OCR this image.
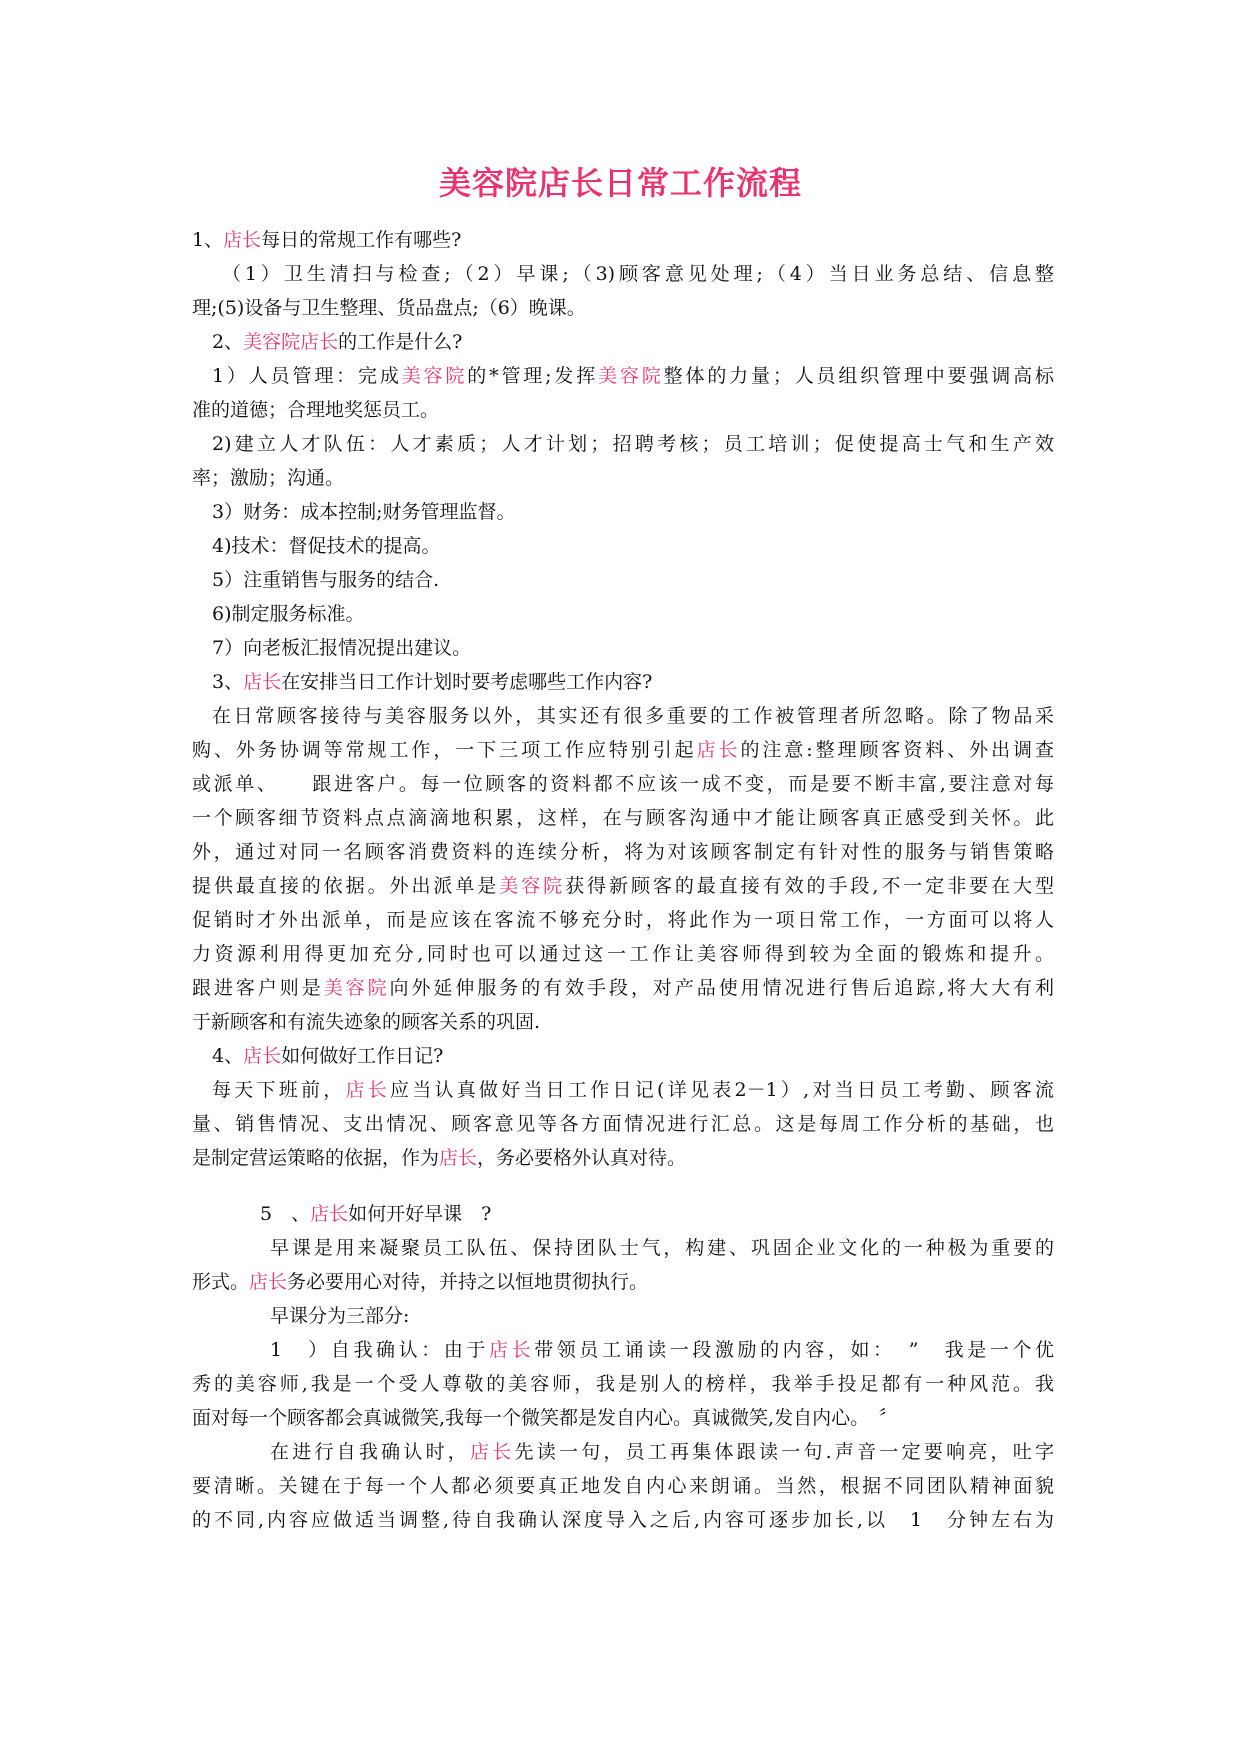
美容院店长日常工作流程
1、店长每日的常规工作有哪些?
（1）卫生清扫与检查;（2）早课;（3)顾客意见处理;（4）当日业务总结、信息整
理;(5)设备与卫生整理、货品盘点;（6）晚课。
2、美容院店长的工作是什么?
1）人员管理：完成美容院的*管理;发挥美容院整体的力量；人员组织管理中要强调高标
准的道德；合理地奖惩员工。
2)建立人才队伍：人才素质；人才计划；招聘考核；员工培训；促使提高士气和生产效
率；激励；沟通。
3）财务：成本控制;财务管理监督。
4)技术：督促技术的提高。
5）注重销售与服务的结合.
6)制定服务标准。
7）向老板汇报情况提出建议。
3、店长在安排当日工作计划时要考虑哪些工作内容?
在日常顾客接待与美容服务以外，其实还有很多重要的工作被管理者所忽略。除了物品采
购、外务协调等常规工作，一下三项工作应特别引起店长的注意:整理顾客资料、外出调查
或派单、　　跟进客户。每一位顾客的资料都不应该一成不变，而是要不断丰富,要注意对每
一个顾客细节资料点点滴滴地积累，这样，在与顾客沟通中才能让顾客真正感受到关怀。此
外，通过对同一名顾客消费资料的连续分析，将为对该顾客制定有针对性的服务与销售策略
提供最直接的依据。外出派单是美容院获得新顾客的最直接有效的手段,不一定非要在大型
促销时才外出派单，而是应该在客流不够充分时，将此作为一项日常工作，一方面可以将人
力资源利用得更加充分,同时也可以通过这一工作让美容师得到较为全面的锻炼和提升。
跟进客户则是美容院向外延伸服务的有效手段，对产品使用情况进行售后追踪,将大大有利
于新顾客和有流失迹象的顾客关系的巩固.
4、店长如何做好工作日记?
每天下班前，店长应当认真做好当日工作日记(详见表2－1）,对当日员工考勤、顾客流
量、销售情况、支出情况、顾客意见等各方面情况进行汇总。这是每周工作分析的基础，也
是制定营运策略的依据，作为店长，务必要格外认真对待。
5　、店长如何开好早课　?
早课是用来凝聚员工队伍、保持团队士气，构建、巩固企业文化的一种极为重要的
形式。店长务必要用心对待，并持之以恒地贯彻执行。
早课分为三部分:
1　）自我确认：由于店长带领员工诵读一段激励的内容，如：　”　我是一个优
秀的美容师,我是一个受人尊敬的美容师，我是别人的榜样，我举手投足都有一种风范。我
面对每一个顾客都会真诚微笑,我每一个微笑都是发自内心。真诚微笑,发自内心。　〞
在进行自我确认时，店长先读一句，员工再集体跟读一句.声音一定要响亮，吐字
要清晰。关键在于每一个人都必须要真正地发自内心来朗诵。当然，根据不同团队精神面貌
的不同,内容应做适当调整,待自我确认深度导入之后,内容可逐步加长,以　1　分钟左右为
